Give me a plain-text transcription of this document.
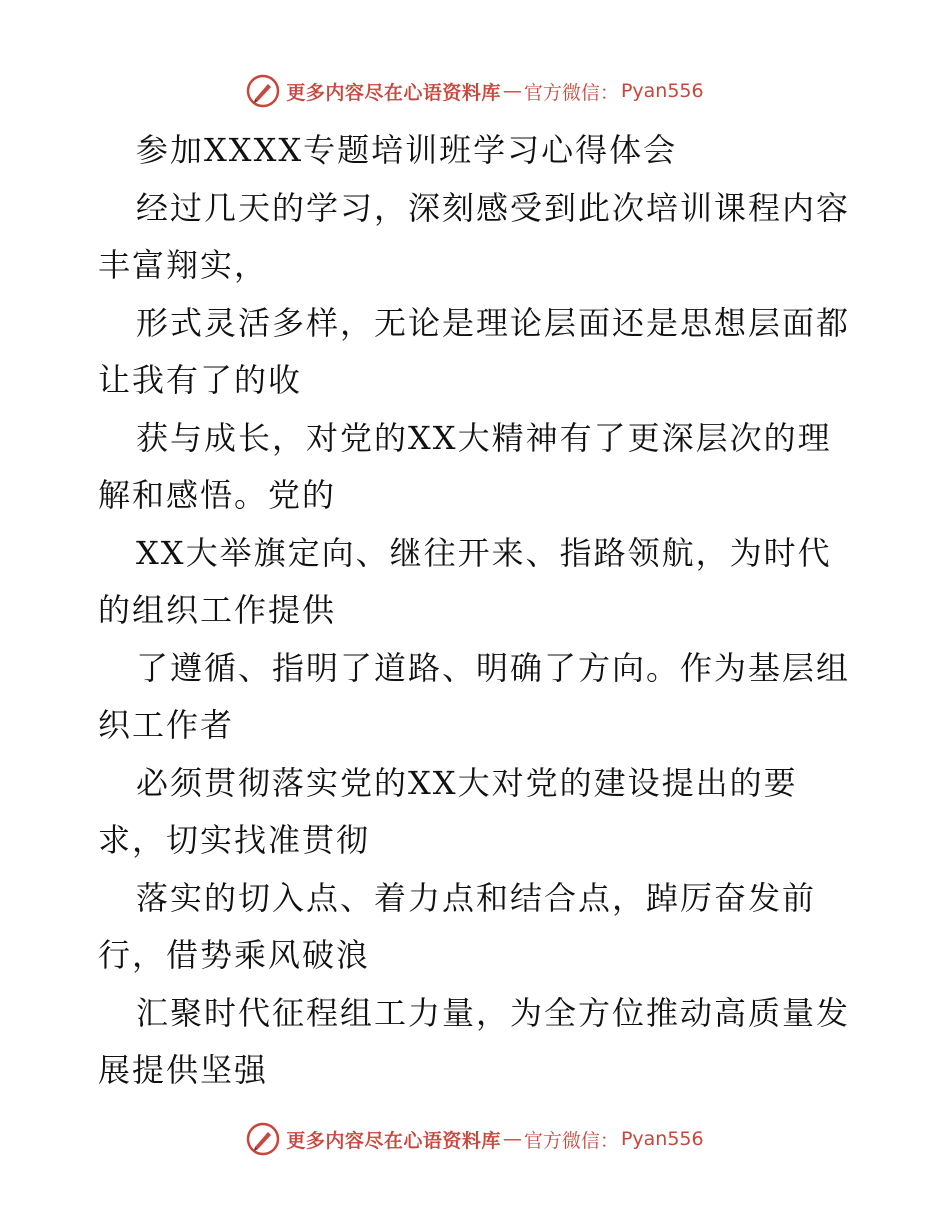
更多内容尽在心语资料库 — 官方微信： Pyan556
参加XXXX专题培训班学习心得体会
经过几天的学习，深刻感受到此次培训课程内容
丰富翔实，
形式灵活多样，无论是理论层面还是思想层面都
让我有了的收
获与成长，对党的XX大精神有了更深层次的理
解和感悟。党的
XX大举旗定向、继往开来、指路领航，为时代
的组织工作提供
了遵循、指明了道路、明确了方向。作为基层组
织工作者
必须贯彻落实党的XX大对党的建设提出的要
求，切实找准贯彻
落实的切入点、着力点和结合点，踔厉奋发前
行，借势乘风破浪
汇聚时代征程组工力量，为全方位推动高质量发
展提供坚强
更多内容尽在心语资料库 — 官方微信： Pyan556
